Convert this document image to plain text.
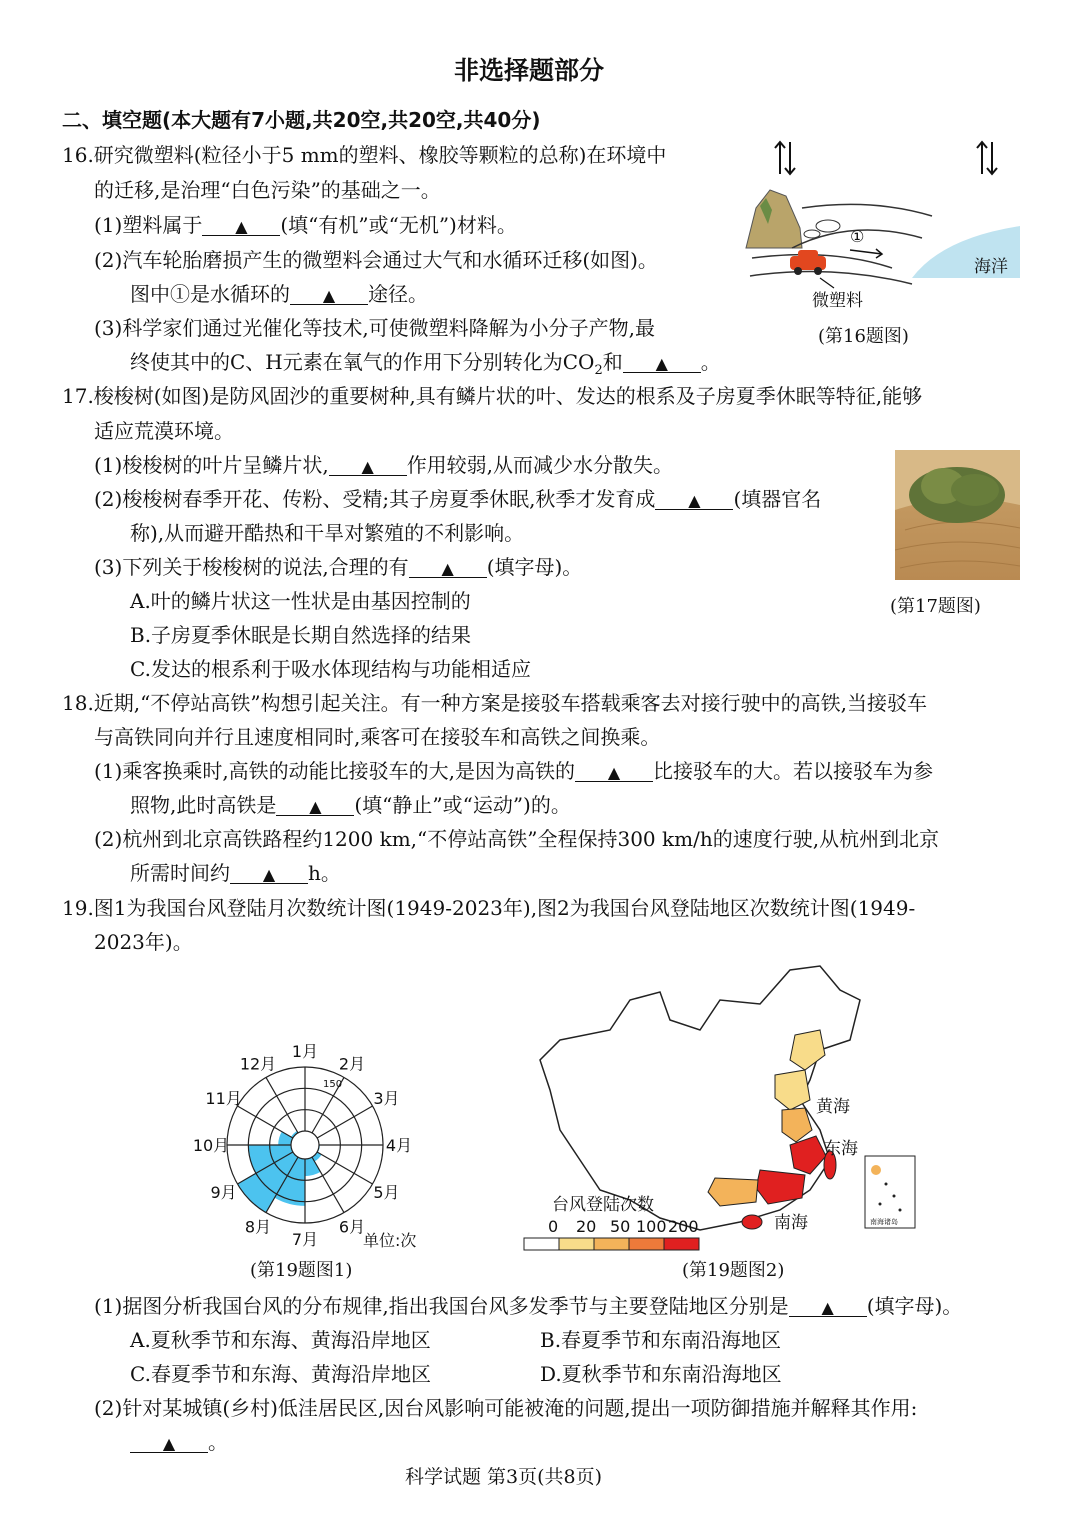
非选择题部分
二、填空题(本大题有7小题,共20空,共20空,共40分)
16.研究微塑料(粒径小于5 mm的塑料、橡胶等颗粒的总称)在环境中
的迁移,是治理“白色污染”的基础之一。
(1)塑料属于 ▲ (填“有机”或“无机”)材料。
(2)汽车轮胎磨损产生的微塑料会通过大气和水循环迁移(如图)。
图中①是水循环的 ▲ 途径。
(3)科学家们通过光催化等技术,可使微塑料降解为小分子产物,最
终使其中的C、H元素在氧气的作用下分别转化为$CO_2$和 ▲ 。
海洋
①
微塑料
(第16题图)
17.梭梭树(如图)是防风固沙的重要树种,具有鳞片状的叶、发达的根系及子房夏季休眠等特征,能够
适应荒漠环境。
(1)梭梭树的叶片呈鳞片状, ▲ 作用较弱,从而减少水分散失。
(2)梭梭树春季开花、传粉、受精;其子房夏季休眠,秋季才发育成 ▲ (填器官名
称),从而避开酷热和干旱对繁殖的不利影响。
(3)下列关于梭梭树的说法,合理的有 ▲ (填字母)。
A.叶的鳞片状这一性状是由基因控制的
B.子房夏季休眠是长期自然选择的结果
C.发达的根系利于吸水体现结构与功能相适应
(第17题图)
18.近期,“不停站高铁”构想引起关注。有一种方案是接驳车搭载乘客去对接行驶中的高铁,当接驳车
与高铁同向并行且速度相同时,乘客可在接驳车和高铁之间换乘。
(1)乘客换乘时,高铁的动能比接驳车的大,是因为高铁的 ▲ 比接驳车的大。若以接驳车为参
照物,此时高铁是 ▲ (填“静止”或“运动”)的。
(2)杭州到北京高铁路程约1200 km,“不停站高铁”全程保持300 km/h的速度行驶,从杭州到北京
所需时间约 ▲ h。
19.图1为我国台风登陆月次数统计图(1949-2023年),图2为我国台风登陆地区次数统计图(1949-
2023年)。
150
1月
2月
3月
4月
5月
6月
7月
8月
9月
10月
11月
12月
单位:次
(第19题图1)
黄海
东海
南海	南海诸岛
台风登陆次数
0 20 50 100 200
(第19题图2)
(1)据图分析我国台风的分布规律,指出我国台风多发季节与主要登陆地区分别是 ▲ (填字母)。
A.夏秋季节和东海、黄海沿岸地区	B.春夏季节和东南沿海地区
C.春夏季节和东海、黄海沿岸地区	D.夏秋季节和东南沿海地区
(2)针对某城镇(乡村)低洼居民区,因台风影响可能被淹的问题,提出一项防御措施并解释其作用:
▲ 。
科学试题 第3页(共8页)
